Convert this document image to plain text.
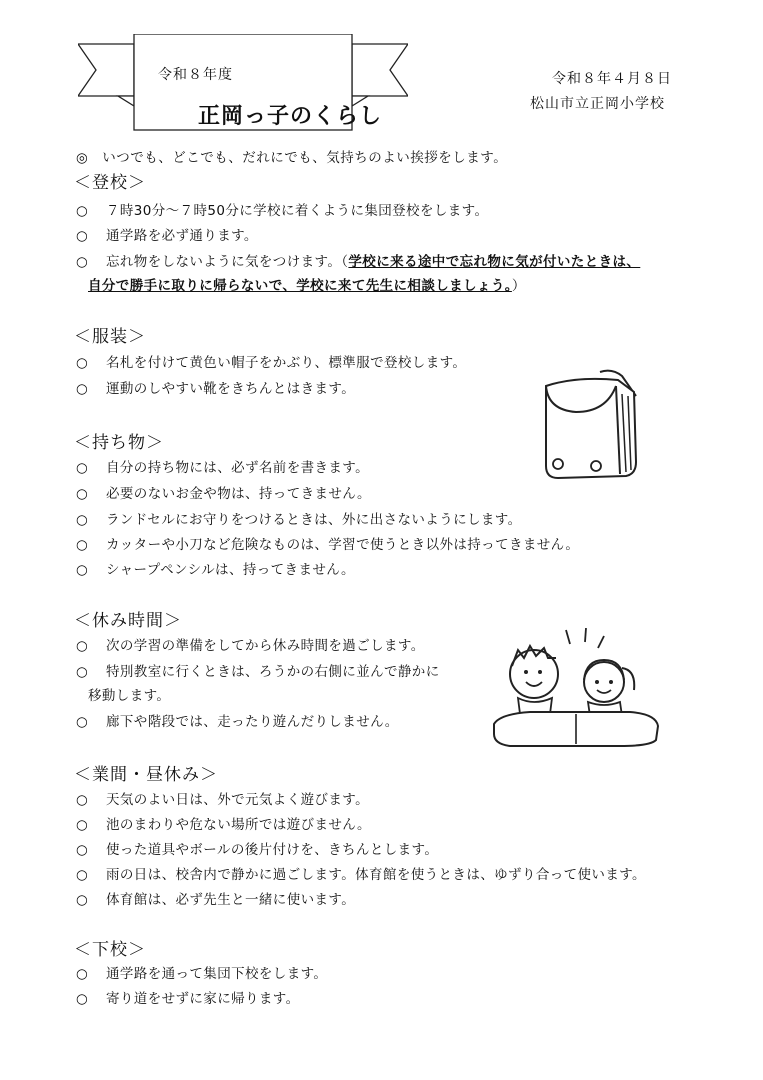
令和８年度
正岡っ子のくらし
令和８年４月８日
松山市立正岡小学校
◎　いつでも、どこでも、だれにでも、気持ちのよい挨拶をします。
＜登校＞
○ ７時30分～７時50分に学校に着くように集団登校をします。
○ 通学路を必ず通ります。
○ 忘れ物をしないように気をつけます。（学校に来る途中で忘れ物に気が付いたときは、
自分で勝手に取りに帰らないで、学校に来て先生に相談しましょう。）
＜服装＞
○ 名札を付けて黄色い帽子をかぶり、標準服で登校します。
○ 運動のしやすい靴をきちんとはきます。
＜持ち物＞
○ 自分の持ち物には、必ず名前を書きます。
○ 必要のないお金や物は、持ってきません。
○ ランドセルにお守りをつけるときは、外に出さないようにします。
○ カッターや小刀など危険なものは、学習で使うとき以外は持ってきません。
○ シャープペンシルは、持ってきません。
＜休み時間＞
○ 次の学習の準備をしてから休み時間を過ごします。
○ 特別教室に行くときは、ろうかの右側に並んで静かに
移動します。
○ 廊下や階段では、走ったり遊んだりしません。
＜業間・昼休み＞
○ 天気のよい日は、外で元気よく遊びます。
○ 池のまわりや危ない場所では遊びません。
○ 使った道具やボールの後片付けを、きちんとします。
○ 雨の日は、校舎内で静かに過ごします。体育館を使うときは、ゆずり合って使います。
○ 体育館は、必ず先生と一緒に使います。
＜下校＞
○ 通学路を通って集団下校をします。
○ 寄り道をせずに家に帰ります。
